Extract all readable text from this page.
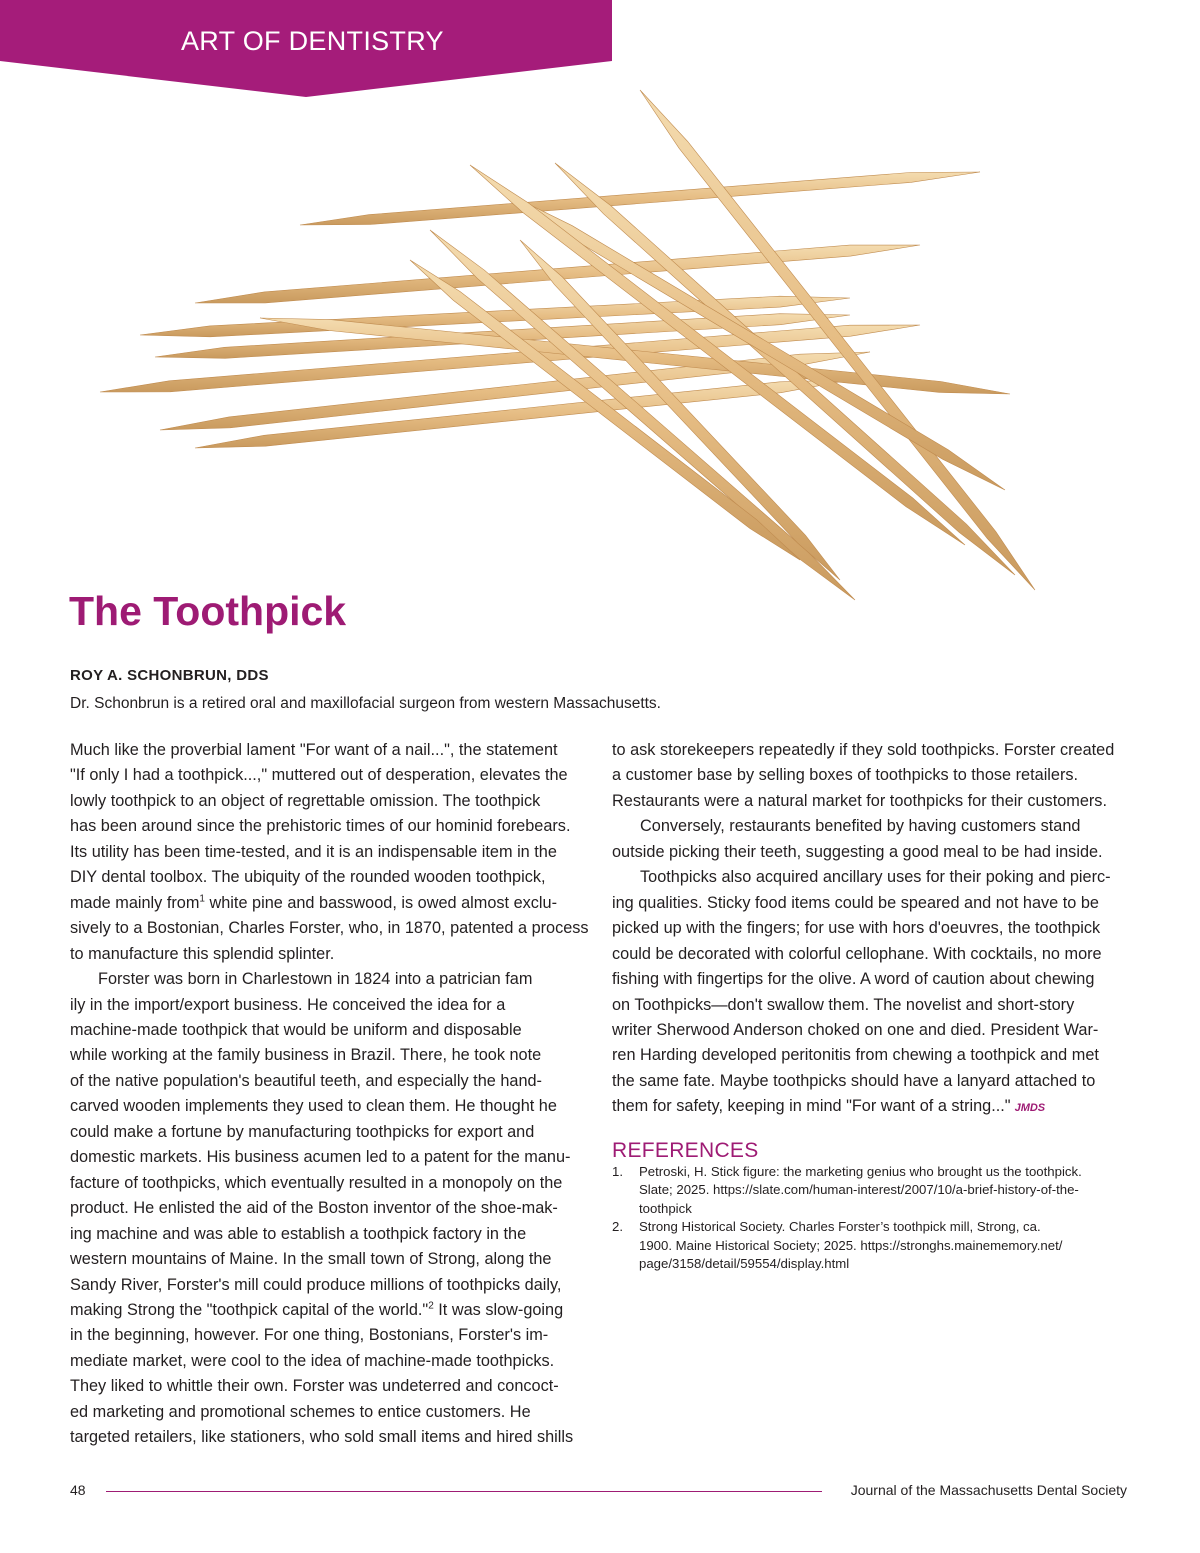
ART OF DENTISTRY
The Toothpick
ROY A. SCHONBRUN, DDS
Dr. Schonbrun is a retired oral and maxillofacial surgeon from western Massachusetts.

Much like the proverbial lament "For want of a nail...", the statement

"If only I had a toothpick...," muttered out of desperation, elevates the

lowly toothpick to an object of regrettable omission. The toothpick

has been around since the prehistoric times of our hominid forebears.

Its utility has been time-tested, and it is an indispensable item in the

DIY dental toolbox. The ubiquity of the rounded wooden toothpick,

made mainly from$^1$ white pine and basswood, is owed almost exclu-

sively to a Bostonian, Charles Forster, who, in 1870, patented a process

to manufacture this splendid splinter.

Forster was born in Charlestown in 1824 into a patrician fam

ily in the import/export business. He conceived the idea for a

machine-made toothpick that would be uniform and disposable

while working at the family business in Brazil. There, he took note

of the native population's beautiful teeth, and especially the hand-

carved wooden implements they used to clean them. He thought he

could make a fortune by manufacturing toothpicks for export and

domestic markets. His business acumen led to a patent for the manu-

facture of toothpicks, which eventually resulted in a monopoly on the

product. He enlisted the aid of the Boston inventor of the shoe-mak-

ing machine and was able to establish a toothpick factory in the

western mountains of Maine. In the small town of Strong, along the

Sandy River, Forster's mill could produce millions of toothpicks daily,

making Strong the "toothpick capital of the world."$^2$ It was slow-going

in the beginning, however. For one thing, Bostonians, Forster's im-

mediate market, were cool to the idea of machine-made toothpicks.

They liked to whittle their own. Forster was undeterred and concoct-

ed marketing and promotional schemes to entice customers. He

targeted retailers, like stationers, who sold small items and hired shills

to ask storekeepers repeatedly if they sold toothpicks. Forster created

a customer base by selling boxes of toothpicks to those retailers.

Restaurants were a natural market for toothpicks for their customers.

Conversely, restaurants benefited by having customers stand

outside picking their teeth, suggesting a good meal to be had inside.

Toothpicks also acquired ancillary uses for their poking and pierc-

ing qualities. Sticky food items could be speared and not have to be

picked up with the fingers; for use with hors d'oeuvres, the toothpick

could be decorated with colorful cellophane. With cocktails, no more

fishing with fingertips for the olive. A word of caution about chewing

on Toothpicks—don't swallow them. The novelist and short-story

writer Sherwood Anderson choked on one and died. President War-

ren Harding developed peritonitis from chewing a toothpick and met

the same fate. Maybe toothpicks should have a lanyard attached to

them for safety, keeping in mind "For want of a string..." JMDS

REFERENCES
1. Petroski, H. Stick figure: the marketing genius who brought us the toothpick.

Slate; 2025. https://slate.com/human-interest/2007/10/a-brief-history-of-the-

toothpick

2. Strong Historical Society. Charles Forster’s toothpick mill, Strong, ca.

1900. Maine Historical Society; 2025. https://stronghs.mainememory.net/

page/3158/detail/59554/display.html

48	Journal of the Massachusetts Dental Society
